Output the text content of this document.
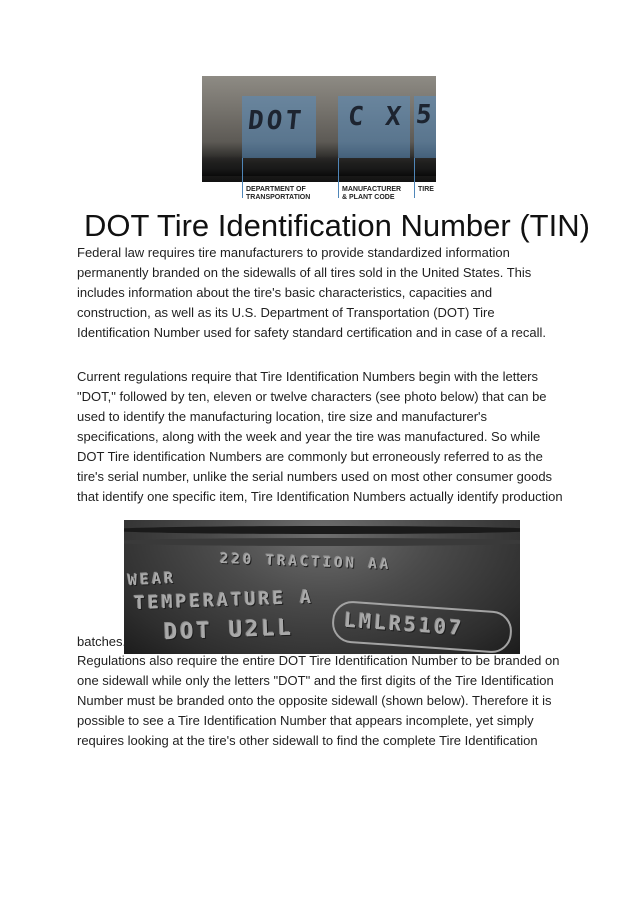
DOT C X 5
DEPARTMENT OF
TRANSPORTATION
MANUFACTURER
& PLANT CODE
TIRE
DOT Tire Identification Number (TIN)

Federal law requires tire manufacturers to provide standardized information
permanently branded on the sidewalls of all tires sold in the United States. This
includes information about the tire's basic characteristics, capacities and
construction, as well as its U.S. Department of Transportation (DOT) Tire
Identification Number used for safety standard certification and in case of a recall.

Current regulations require that Tire Identification Numbers begin with the letters
"DOT," followed by ten, eleven or twelve characters (see photo below) that can be
used to identify the manufacturing location, tire size and manufacturer's
specifications, along with the week and year the tire was manufactured. So while
DOT Tire identification Numbers are commonly but erroneously referred to as the
tire's serial number, unlike the serial numbers used on most other consumer goods
that identify one specific item, Tire Identification Numbers actually identify production

220 TRACTION AA
WEAR
TEMPERATURE A
DOT U2LL LMLR5107
batches.

Regulations also require the entire DOT Tire Identification Number to be branded on
one sidewall while only the letters "DOT" and the first digits of the Tire Identification
Number must be branded onto the opposite sidewall (shown below). Therefore it is
possible to see a Tire Identification Number that appears incomplete, yet simply
requires looking at the tire's other sidewall to find the complete Tire Identification
